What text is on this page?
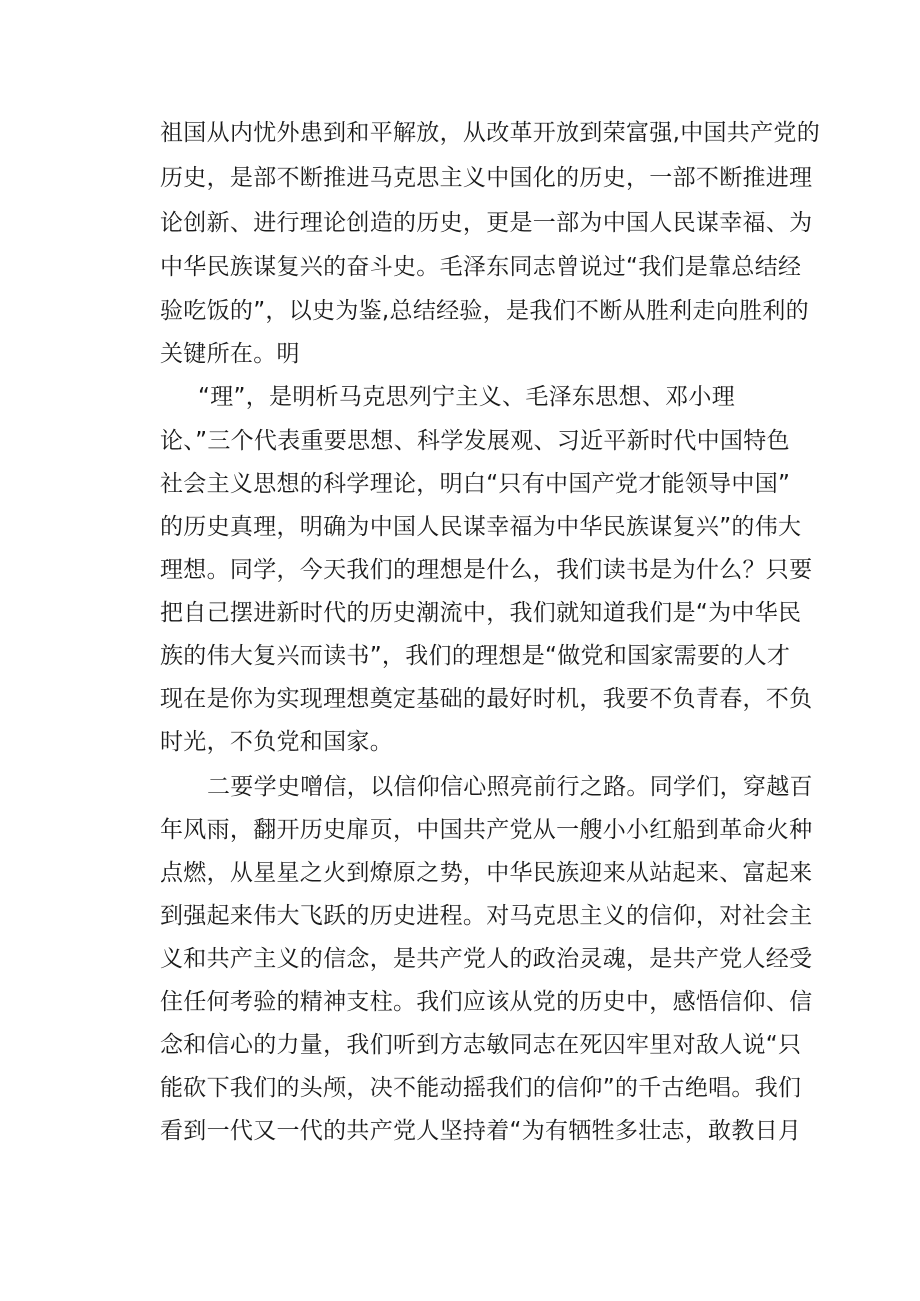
祖国从内忧外患到和平解放，从改革开放到荣富强,中国共产党的
历史，是部不断推进马克思主义中国化的历史，一部不断推进理
论创新、进行理论创造的历史，更是一部为中国人民谋幸福、为
中华民族谋复兴的奋斗史。毛泽东同志曾说过“我们是靠总结经
验吃饭的”，以史为鉴,总结经验，是我们不断从胜利走向胜利的
关键所在。明
“理”，是明析马克思列宁主义、毛泽东思想、邓小理
论、”三个代表重要思想、科学发展观、习近平新时代中国特色
社会主义思想的科学理论，明白“只有中国产党才能领导中国”
的历史真理，明确为中国人民谋幸福为中华民族谋复兴”的伟大
理想。同学，今天我们的理想是什么，我们读书是为什么？只要
把自己摆进新时代的历史潮流中，我们就知道我们是“为中华民
族的伟大复兴而读书”，我们的理想是“做党和国家需要的人才
现在是你为实现理想奠定基础的最好时机，我要不负青春，不负
时光，不负党和国家。
二要学史噌信，以信仰信心照亮前行之路。同学们，穿越百
年风雨，翻开历史扉页，中国共产党从一艘小小红船到革命火种
点燃，从星星之火到燎原之势，中华民族迎来从站起来、富起来
到强起来伟大飞跃的历史进程。对马克思主义的信仰，对社会主
义和共产主义的信念，是共产党人的政治灵魂，是共产党人经受
住任何考验的精神支柱。我们应该从党的历史中，感悟信仰、信
念和信心的力量，我们听到方志敏同志在死囚牢里对敌人说“只
能砍下我们的头颅，决不能动摇我们的信仰”的千古绝唱。我们
看到一代又一代的共产党人坚持着“为有牺牲多壮志，敢教日月
